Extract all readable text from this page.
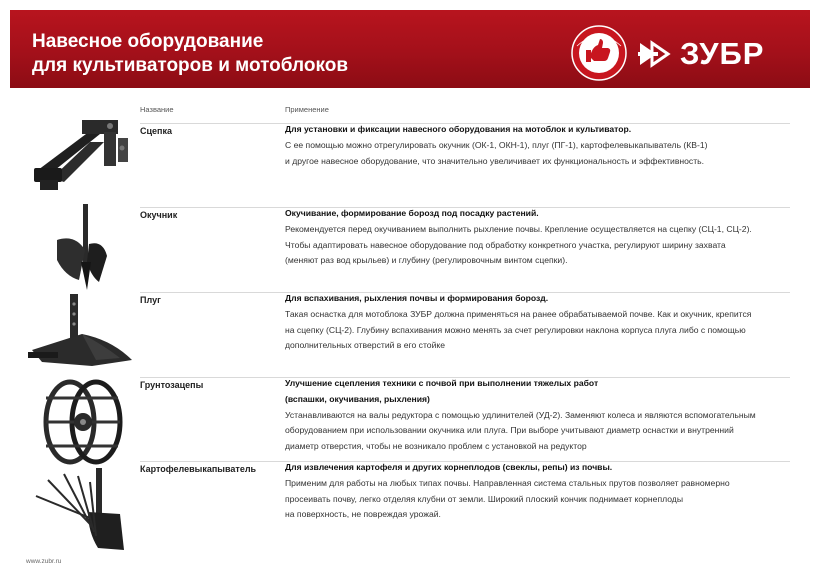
Навесное оборудование
для культиваторов и мотоблоков	ЗУБР
Название	Применение
Сцепка	Для установки и фиксации навесного оборудования на мотоблок и культиватор.
С ее помощью можно отрегулировать окучник (ОК-1, ОКН-1), плуг (ПГ-1), картофелевыкапыватель (КВ-1)
и другое навесное оборудование, что значительно увеличивает их функциональность и эффективность.
Окучник	Окучивание, формирование борозд под посадку растений.
Рекомендуется перед окучиванием выполнить рыхление почвы. Крепление осуществляется на сцепку (СЦ-1, СЦ-2).
Чтобы адаптировать навесное оборудование под обработку конкретного участка, регулируют ширину захвата
(меняют раз вод крыльев) и глубину (регулировочным винтом сцепки).
Плуг	Для вспахивания, рыхления почвы и формирования борозд.
Такая оснастка для мотоблока ЗУБР должна применяться на ранее обрабатываемой почве. Как и окучник, крепится
на сцепку (СЦ-2). Глубину вспахивания можно менять за счет регулировки наклона корпуса плуга либо с помощью
дополнительных отверстий в его стойке
Грунтозацепы	Улучшение сцепления техники с почвой при выполнении тяжелых работ
(вспашки, окучивания, рыхления)
Устанавливаются на валы редуктора с помощью удлинителей (УД-2). Заменяют колеса и являются вспомогательным
оборудованием при использовании окучника или плуга. При выборе учитывают диаметр оснастки и внутренний
диаметр отверстия, чтобы не возникало проблем с установкой на редуктор
Картофелевыкапыватель	Для извлечения картофеля и других корнеплодов (свеклы, репы) из почвы.
Применим для работы на любых типах почвы. Направленная система стальных прутов позволяет равномерно
просеивать почву, легко отделяя клубни от земли. Широкий плоский кончик поднимает корнеплоды
на поверхность, не повреждая урожай.
www.zubr.ru
